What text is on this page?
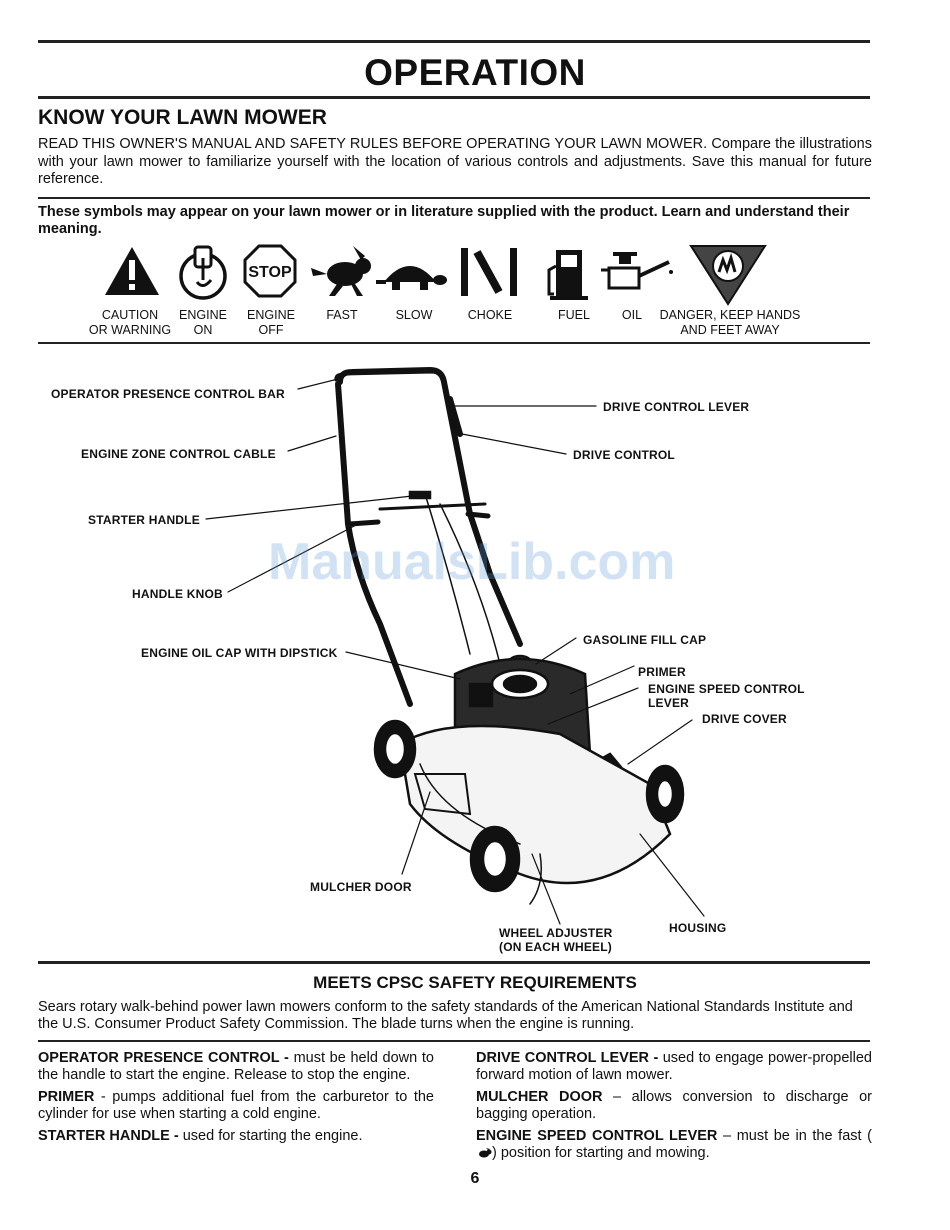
OPERATION
KNOW YOUR LAWN MOWER
READ THIS OWNER'S MANUAL AND SAFETY RULES BEFORE OPERATING YOUR LAWN MOWER. Compare the illustrations with your lawn mower to familiarize yourself with the location of various controls and adjustments. Save this manual for future reference.
These symbols may appear on your lawn mower or in literature supplied with the product. Learn and understand their meaning.
STOP
CAUTION
OR WARNING
ENGINE
ON
ENGINE
OFF
FAST	SLOW	CHOKE	FUEL	OIL	DANGER, KEEP HANDS
AND FEET AWAY
ManualsLib.com
OPERATOR PRESENCE CONTROL BAR
DRIVE CONTROL LEVER
ENGINE ZONE CONTROL CABLE	DRIVE CONTROL
STARTER HANDLE
HANDLE KNOB
GASOLINE FILL CAP
ENGINE OIL CAP WITH DIPSTICK
PRIMER
ENGINE SPEED CONTROL
LEVER
DRIVE COVER
MULCHER DOOR
WHEEL ADJUSTER
(ON EACH WHEEL)
HOUSING
MEETS CPSC SAFETY REQUIREMENTS
Sears rotary walk-behind power lawn mowers conform to the safety standards of the American National Standards Institute and the U.S. Consumer Product Safety Commission. The blade turns when the engine is running.

OPERATOR PRESENCE CONTROL - must be held down to the handle to start the engine. Release to stop the engine.

PRIMER - pumps additional fuel from the carburetor to the cylinder for use when starting a cold engine.

STARTER HANDLE - used for starting the engine.

DRIVE CONTROL LEVER - used to engage power-propelled forward motion of lawn mower.

MULCHER DOOR – allows conversion to discharge or bagging operation.

ENGINE SPEED CONTROL LEVER – must be in the fast () position for starting and mowing.

6
